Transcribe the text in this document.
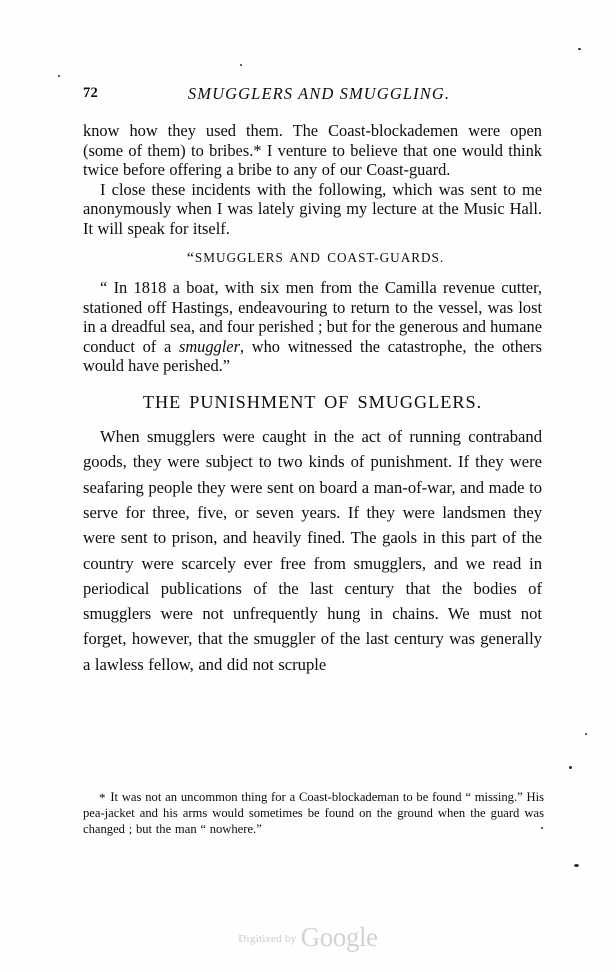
72	SMUGGLERS AND SMUGGLING.

know how they used them. The Coast-blockademen were open (some of them) to bribes.* I venture to believe that one would think twice before offering a bribe to any of our Coast-guard.

I close these incidents with the following, which was sent to me anonymously when I was lately giving my lecture at the Music Hall. It will speak for itself.

“SMUGGLERS AND COAST-GUARDS.

“ In 1818 a boat, with six men from the Camilla revenue cutter, stationed off Hastings, endeavouring to return to the vessel, was lost in a dreadful sea, and four perished ; but for the generous and humane conduct of a smuggler, who witnessed the catastrophe, the others would have perished.”

THE PUNISHMENT OF SMUGGLERS.

When smugglers were caught in the act of running contraband goods, they were subject to two kinds of punishment. If they were seafaring people they were sent on board a man-of-war, and made to serve for three, five, or seven years. If they were landsmen they were sent to prison, and heavily fined. The gaols in this part of the country were scarcely ever free from smugglers, and we read in periodical publications of the last century that the bodies of smugglers were not unfrequently hung in chains. We must not forget, however, that the smuggler of the last century was generally a lawless fellow, and did not scruple

* It was not an uncommon thing for a Coast-blockademan to be found “ missing.” His pea-jacket and his arms would sometimes be found on the ground when the guard was changed ; but the man “ nowhere.”
$^{Digitized by}$ Google
